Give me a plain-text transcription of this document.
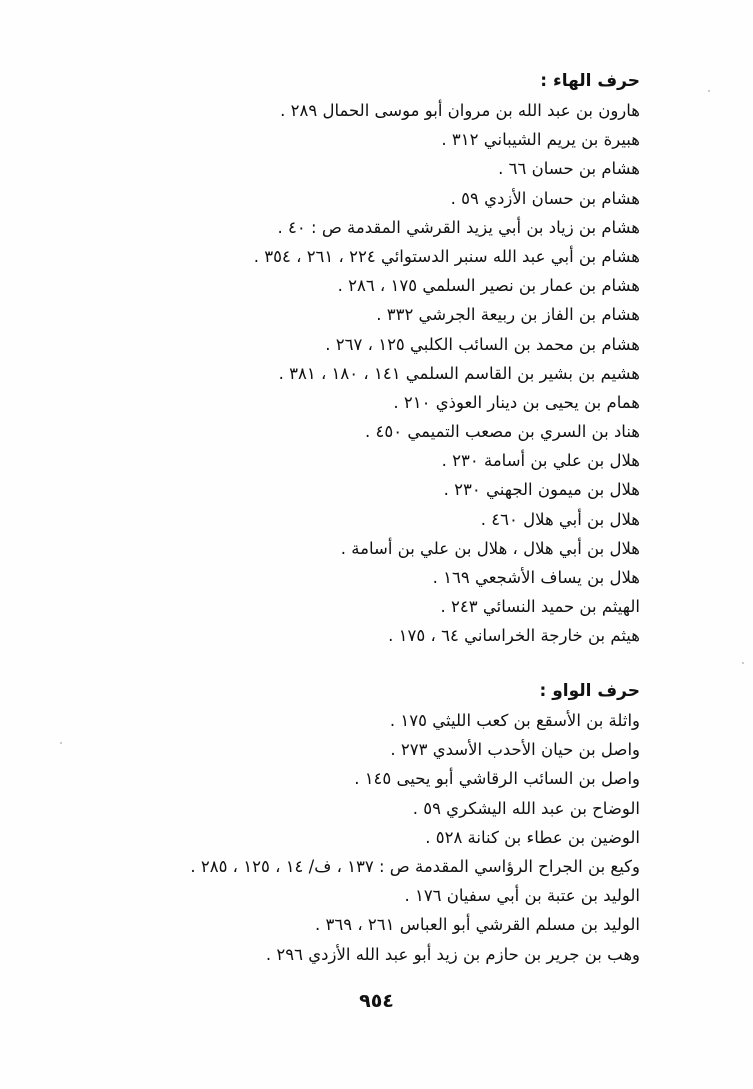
حرف الهاء :
هارون بن عبد الله بن مروان أبو موسى الحمال ٢٨٩ .
هبيرة بن يريم الشيباني ٣١٢ .
هشام بن حسان ٦٦ .
هشام بن حسان الأزدي ٥٩ .
هشام بن زياد بن أبي يزيد القرشي المقدمة ص : ٤٠ .
هشام بن أبي عبد الله سنبر الدستوائي ٢٢٤ ، ٢٦١ ، ٣٥٤ .
هشام بن عمار بن نصير السلمي ١٧٥ ، ٢٨٦ .
هشام بن الفاز بن ربيعة الجرشي ٣٣٢ .
هشام بن محمد بن السائب الكلبي ١٢٥ ، ٢٦٧ .
هشيم بن بشير بن القاسم السلمي ١٤١ ، ١٨٠ ، ٣٨١ .
همام بن يحيى بن دينار العوذي ٢١٠ .
هناد بن السري بن مصعب التميمي ٤٥٠ .
هلال بن علي بن أسامة ٢٣٠ .
هلال بن ميمون الجهني ٢٣٠ .
هلال بن أبي هلال ٤٦٠ .
هلال بن أبي هلال ، هلال بن علي بن أسامة .
هلال بن يساف الأشجعي ١٦٩ .
الهيثم بن حميد النسائي ٢٤٣ .
هيثم بن خارجة الخراساني ٦٤ ، ١٧٥ .
حرف الواو :
واثلة بن الأسقع بن كعب الليثي ١٧٥ .
واصل بن حيان الأحدب الأسدي ٢٧٣ .
واصل بن السائب الرقاشي أبو يحيى ١٤٥ .
الوضاح بن عبد الله اليشكري ٥٩ .
الوضين بن عطاء بن كنانة ٥٢٨ .
وكيع بن الجراح الرؤاسي المقدمة ص : ١٣٧ ، ف/ ١٤ ، ١٢٥ ، ٢٨٥ .
الوليد بن عتبة بن أبي سفيان ١٧٦ .
الوليد بن مسلم القرشي أبو العباس ٢٦١ ، ٣٦٩ .
وهب بن جرير بن حازم بن زيد أبو عبد الله الأزدي ٢٩٦ .
٩٥٤
